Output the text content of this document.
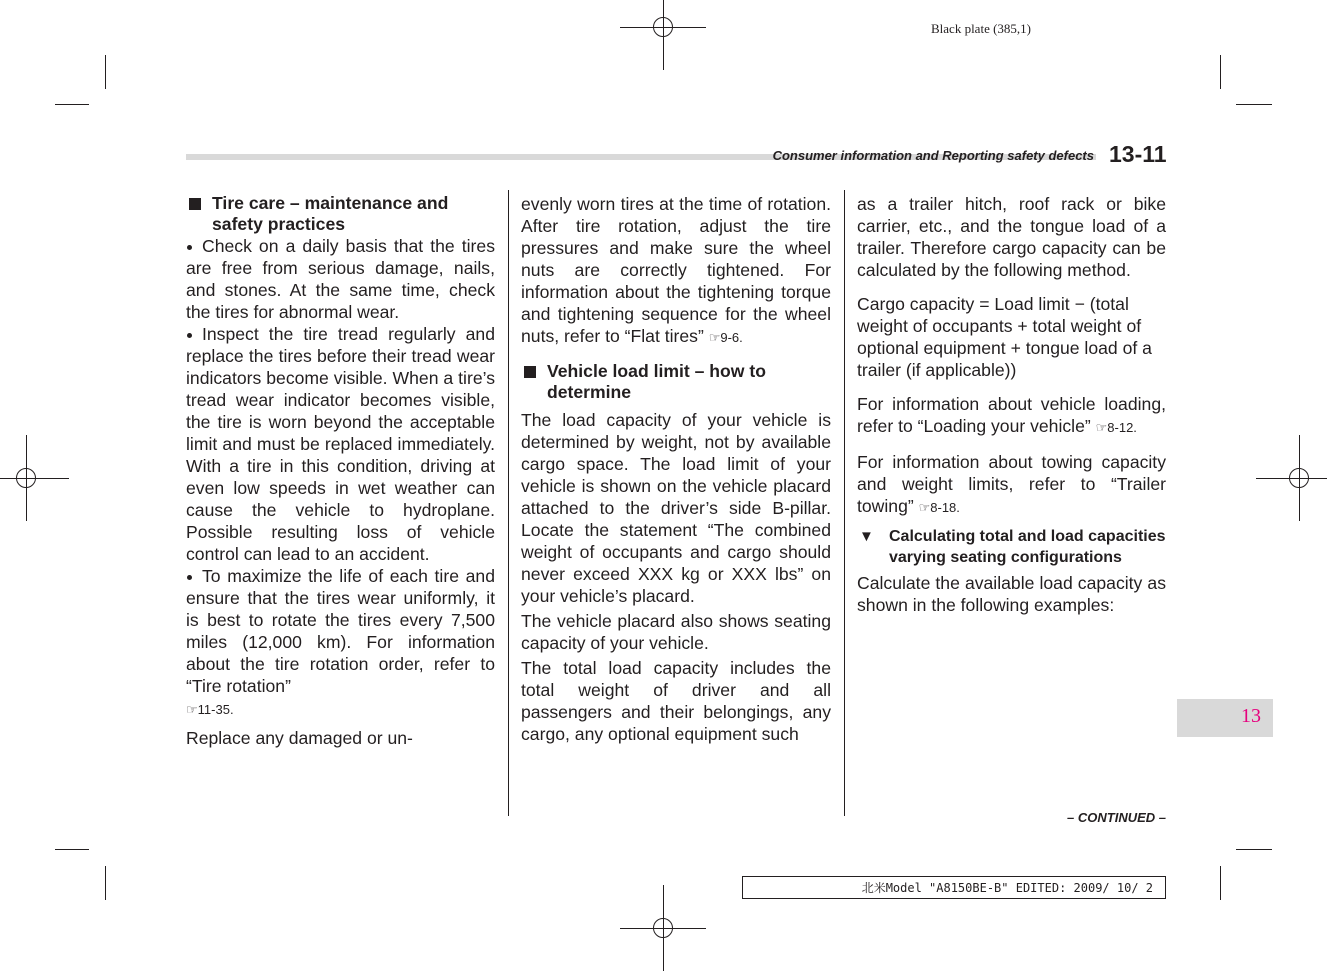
Black plate (385,1)
Consumer information and Reporting safety defects 13-11
Tire care – maintenance and safety practices

Check on a daily basis that the tires are free from serious damage, nails, and stones. At the same time, check the tires for abnormal wear.

Inspect the tire tread regularly and replace the tires before their tread wear indicators become visible. When a tire’s tread wear indicator becomes visible, the tire is worn beyond the acceptable limit and must be replaced immediately. With a tire in this condition, driving at even low speeds in wet weather can cause the vehicle to hydroplane. Possible resulting loss of vehicle control can lead to an accident.

To maximize the life of each tire and ensure that the tires wear uniformly, it is best to rotate the tires every 7,500 miles (12,000 km). For information about the tire rotation order, refer to “Tire rotation”
☞11-35.

Replace any damaged or un-

evenly worn tires at the time of rotation. After tire rotation, adjust the tire pressures and make sure the wheel nuts are correctly tightened. For information about the tightening torque and tightening sequence for the wheel nuts, refer to “Flat tires” ☞9-6.

Vehicle load limit – how to determine

The load capacity of your vehicle is determined by weight, not by available cargo space. The load limit of your vehicle is shown on the vehicle placard attached to the driver’s side B-pillar. Locate the statement “The combined weight of occupants and cargo should never exceed XXX kg or XXX lbs” on your vehicle’s placard.

The vehicle placard also shows seating capacity of your vehicle.

The total load capacity includes the total weight of driver and all passengers and their belongings, any cargo, any optional equipment such

as a trailer hitch, roof rack or bike carrier, etc., and the tongue load of a trailer. Therefore cargo capacity can be calculated by the following method.

Cargo capacity = Load limit − (total weight of occupants + total weight of optional equipment + tongue load of a trailer (if applicable))

For information about vehicle loading, refer to “Loading your vehicle” ☞8-12.

For information about towing capacity and weight limits, refer to “Trailer towing” ☞8-18.

▼ Calculating total and load capacities varying seating configurations

Calculate the available load capacity as shown in the following examples:

13
– CONTINUED –
北米Model "A8150BE-B" EDITED: 2009/ 10/ 2
